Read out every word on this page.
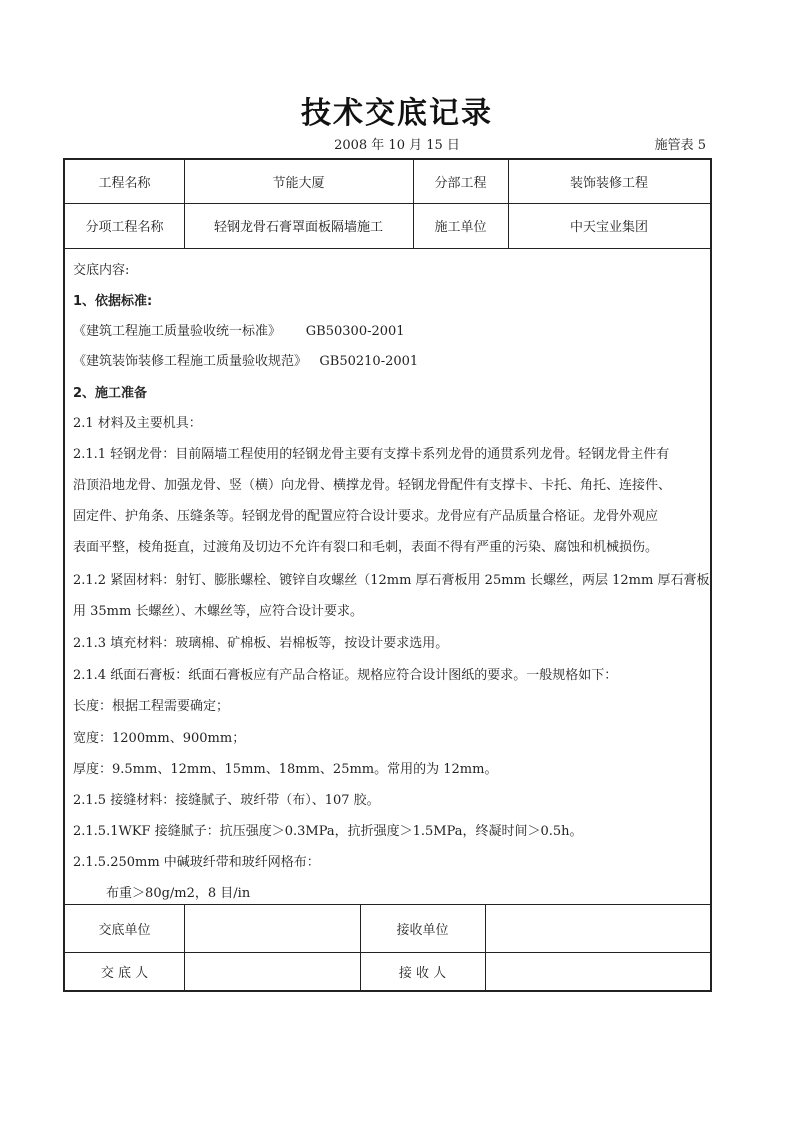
技术交底记录
2008 年 10 月 15 日	施管表 5
工程名称	节能大厦	分部工程	装饰装修工程
分项工程名称	轻钢龙骨石膏罩面板隔墙施工	施工单位	中天宝业集团
交底内容:
1、依据标准:
《建筑工程施工质量验收统一标准》      GB50300-2001
《建筑装饰装修工程施工质量验收规范》   GB50210-2001
2、施工准备
2.1 材料及主要机具：
2.1.1 轻钢龙骨：目前隔墙工程使用的轻钢龙骨主要有支撑卡系列龙骨的通贯系列龙骨。轻钢龙骨主件有
沿顶沿地龙骨、加强龙骨、竖（横）向龙骨、横撑龙骨。轻钢龙骨配件有支撑卡、卡托、角托、连接件、
固定件、护角条、压缝条等。轻钢龙骨的配置应符合设计要求。龙骨应有产品质量合格证。龙骨外观应
表面平整，棱角挺直，过渡角及切边不允许有裂口和毛刺，表面不得有严重的污染、腐蚀和机械损伤。
2.1.2 紧固材料：射钉、膨胀螺栓、镀锌自攻螺丝（12mm 厚石膏板用 25mm 长螺丝，两层 12mm 厚石膏板
用 35mm 长螺丝）、木螺丝等，应符合设计要求。
2.1.3 填充材料：玻璃棉、矿棉板、岩棉板等，按设计要求选用。
2.1.4 纸面石膏板：纸面石膏板应有产品合格证。规格应符合设计图纸的要求。一般规格如下：
长度：根据工程需要确定；
宽度：1200mm、900mm；
厚度：9.5mm、12mm、15mm、18mm、25mm。常用的为 12mm。
2.1.5 接缝材料：接缝腻子、玻纤带（布）、107 胶。
2.1.5.1WKF 接缝腻子：抗压强度＞0.3MPa，抗折强度＞1.5MPa，终凝时间＞0.5h。
2.1.5.250mm 中碱玻纤带和玻纤网格布：
布重＞80g/m2，8 目/in
交底单位	接收单位
交 底 人	接 收 人
